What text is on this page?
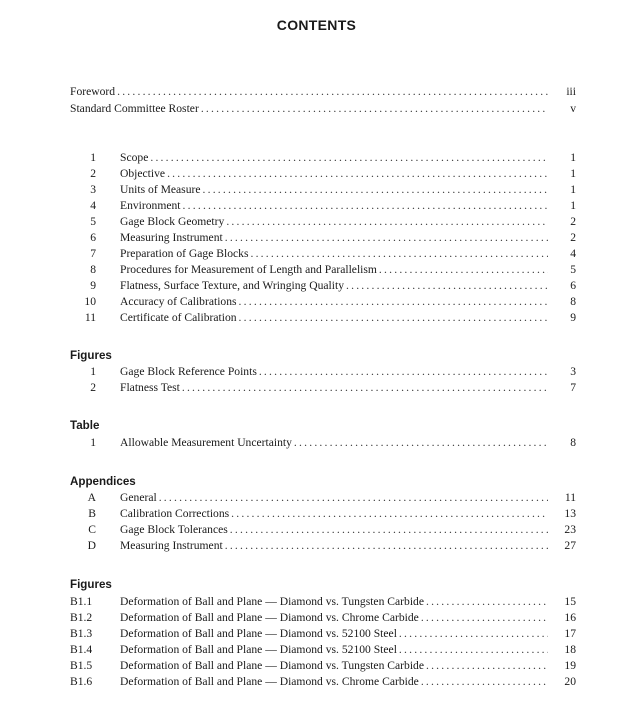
CONTENTS
Foreword .....	iii
Standard Committee Roster .....	v
1 Scope .....	1
2 Objective .....	1
3 Units of Measure .....	1
4 Environment .....	1
5 Gage Block Geometry .....	2
6 Measuring Instrument .....	2
7 Preparation of Gage Blocks .....	4
8 Procedures for Measurement of Length and Parallelism .....	5
9 Flatness, Surface Texture, and Wringing Quality .....	6
10 Accuracy of Calibrations .....	8
11 Certificate of Calibration .....	9
Figures
1 Gage Block Reference Points .....	3
2 Flatness Test .....	7
Table
1 Allowable Measurement Uncertainty .....	8
Appendices
A General .....	11
B Calibration Corrections .....	13
C Gage Block Tolerances .....	23
D Measuring Instrument .....	27
Figures
B1.1	Deformation of Ball and Plane — Diamond vs. Tungsten Carbide .....	15
B1.2	Deformation of Ball and Plane — Diamond vs. Chrome Carbide .....	16
B1.3	Deformation of Ball and Plane — Diamond vs. 52100 Steel .....	17
B1.4	Deformation of Ball and Plane — Diamond vs. 52100 Steel .....	18
B1.5	Deformation of Ball and Plane — Diamond vs. Tungsten Carbide .....	19
B1.6	Deformation of Ball and Plane — Diamond vs. Chrome Carbide .....	20
